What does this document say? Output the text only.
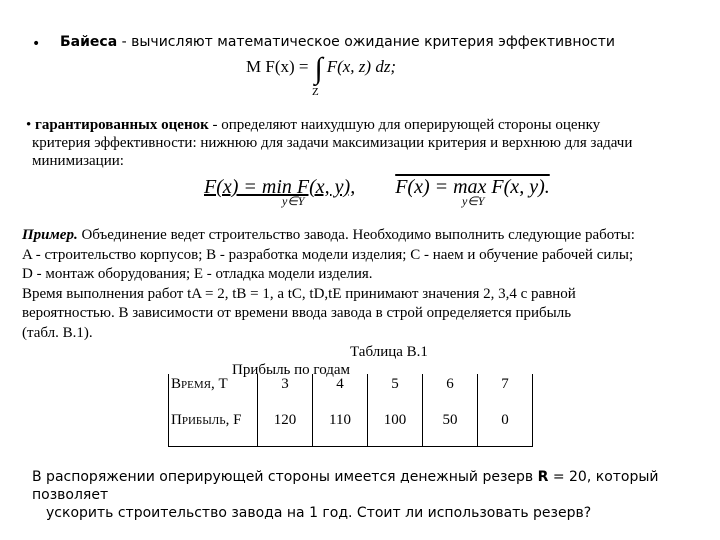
• Байеса - вычисляют математическое ожидание критерия эффективности
M F(x) = ∫ F(x, z) dz;
Z
• гарантированных оценок - определяют наихудшую для оперирующей стороны оценку
критерия эффективности: нижнюю для задачи максимизации критерия и верхнюю для задачи
минимизации:
F(x) = min F(x, y),
y∈Y
F(x) = max F(x, y).
y∈Y
Пример. Объединение ведет строительство завода. Необходимо выполнить следующие работы:
A - строительство корпусов; B - разработка модели изделия; C - наем и обучение рабочей силы;
D - монтаж оборудования; E - отладка модели изделия.
Время выполнения работ tA = 2, tB = 1, a tC, tD,tE принимают значения 2, 3,4 с равной
вероятностью. В зависимости от времени ввода завода в строй определяется прибыль
(табл. В.1).
Таблица В.1
Прибыль по годам
Время, T	3	4	5	6	7
Прибыль, F	120	110	100	50	0
В распоряжении оперирующей стороны имеется денежный резерв R = 20, который позволяет
ускорить строительство завода на 1 год. Стоит ли использовать резерв?
